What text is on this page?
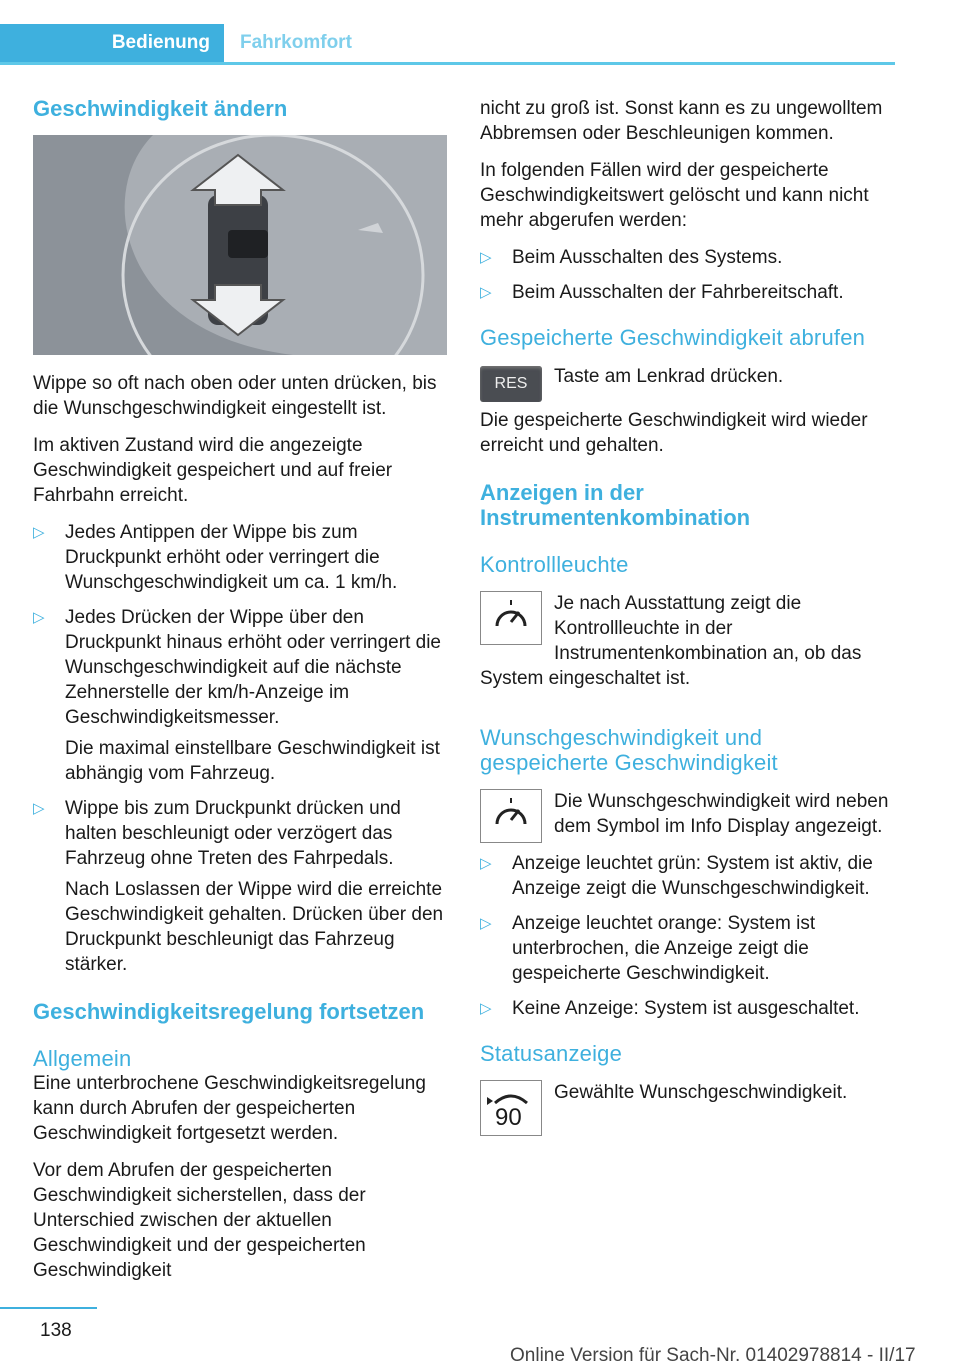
Bedienung	Fahrkomfort
Geschwindigkeit ändern

Wippe so oft nach oben oder unten drücken, bis die Wunschgeschwindigkeit eingestellt ist.

Im aktiven Zustand wird die angezeigte Geschwindigkeit gespeichert und auf freier Fahrbahn erreicht.

▷
Jedes Antippen der Wippe bis zum Druckpunkt erhöht oder verringert die Wunschgeschwindigkeit um ca. 1 km/h.
▷
Jedes Drücken der Wippe über den Druckpunkt hinaus erhöht oder verringert die Wunschgeschwindigkeit auf die nächste Zehnerstelle der km/h-Anzeige im Geschwindigkeitsmesser.

Die maximal einstellbare Geschwindigkeit ist abhängig vom Fahrzeug.

▷
Wippe bis zum Druckpunkt drücken und halten beschleunigt oder verzögert das Fahrzeug ohne Treten des Fahrpedals.

Nach Loslassen der Wippe wird die erreichte Geschwindigkeit gehalten. Drücken über den Druckpunkt beschleunigt das Fahrzeug stärker.

Geschwindigkeitsregelung fortsetzen
Allgemein

Eine unterbrochene Geschwindigkeitsregelung kann durch Abrufen der gespeicherten Geschwindigkeit fortgesetzt werden.

Vor dem Abrufen der gespeicherten Geschwindigkeit sicherstellen, dass der Unterschied zwischen der aktuellen Geschwindigkeit und der gespeicherten Geschwindigkeit

nicht zu groß ist. Sonst kann es zu ungewolltem Abbremsen oder Beschleunigen kommen.

In folgenden Fällen wird der gespeicherte Geschwindigkeitswert gelöscht und kann nicht mehr abgerufen werden:

▷
Beim Ausschalten des Systems.
▷
Beim Ausschalten der Fahrbereitschaft.
Gespeicherte Geschwindigkeit abrufen
RES	Taste am Lenkrad drücken.

Die gespeicherte Geschwindigkeit wird wieder erreicht und gehalten.

Anzeigen in der Instrumentenkombination
Kontrollleuchte

Je nach Ausstattung zeigt die Kontrollleuchte in der Instrumentenkombination an, ob das System eingeschaltet ist.

Wunschgeschwindigkeit und gespeicherte Geschwindigkeit

Die Wunschgeschwindigkeit wird neben dem Symbol im Info Display angezeigt.

▷
Anzeige leuchtet grün: System ist aktiv, die Anzeige zeigt die Wunschgeschwindigkeit.
▷
Anzeige leuchtet orange: System ist unterbrochen, die Anzeige zeigt die gespeicherte Geschwindigkeit.
▷
Keine Anzeige: System ist ausgeschaltet.
Statusanzeige
90

Gewählte Wunschgeschwindigkeit.

138
Online Version für Sach-Nr. 01402978814 - II/17
